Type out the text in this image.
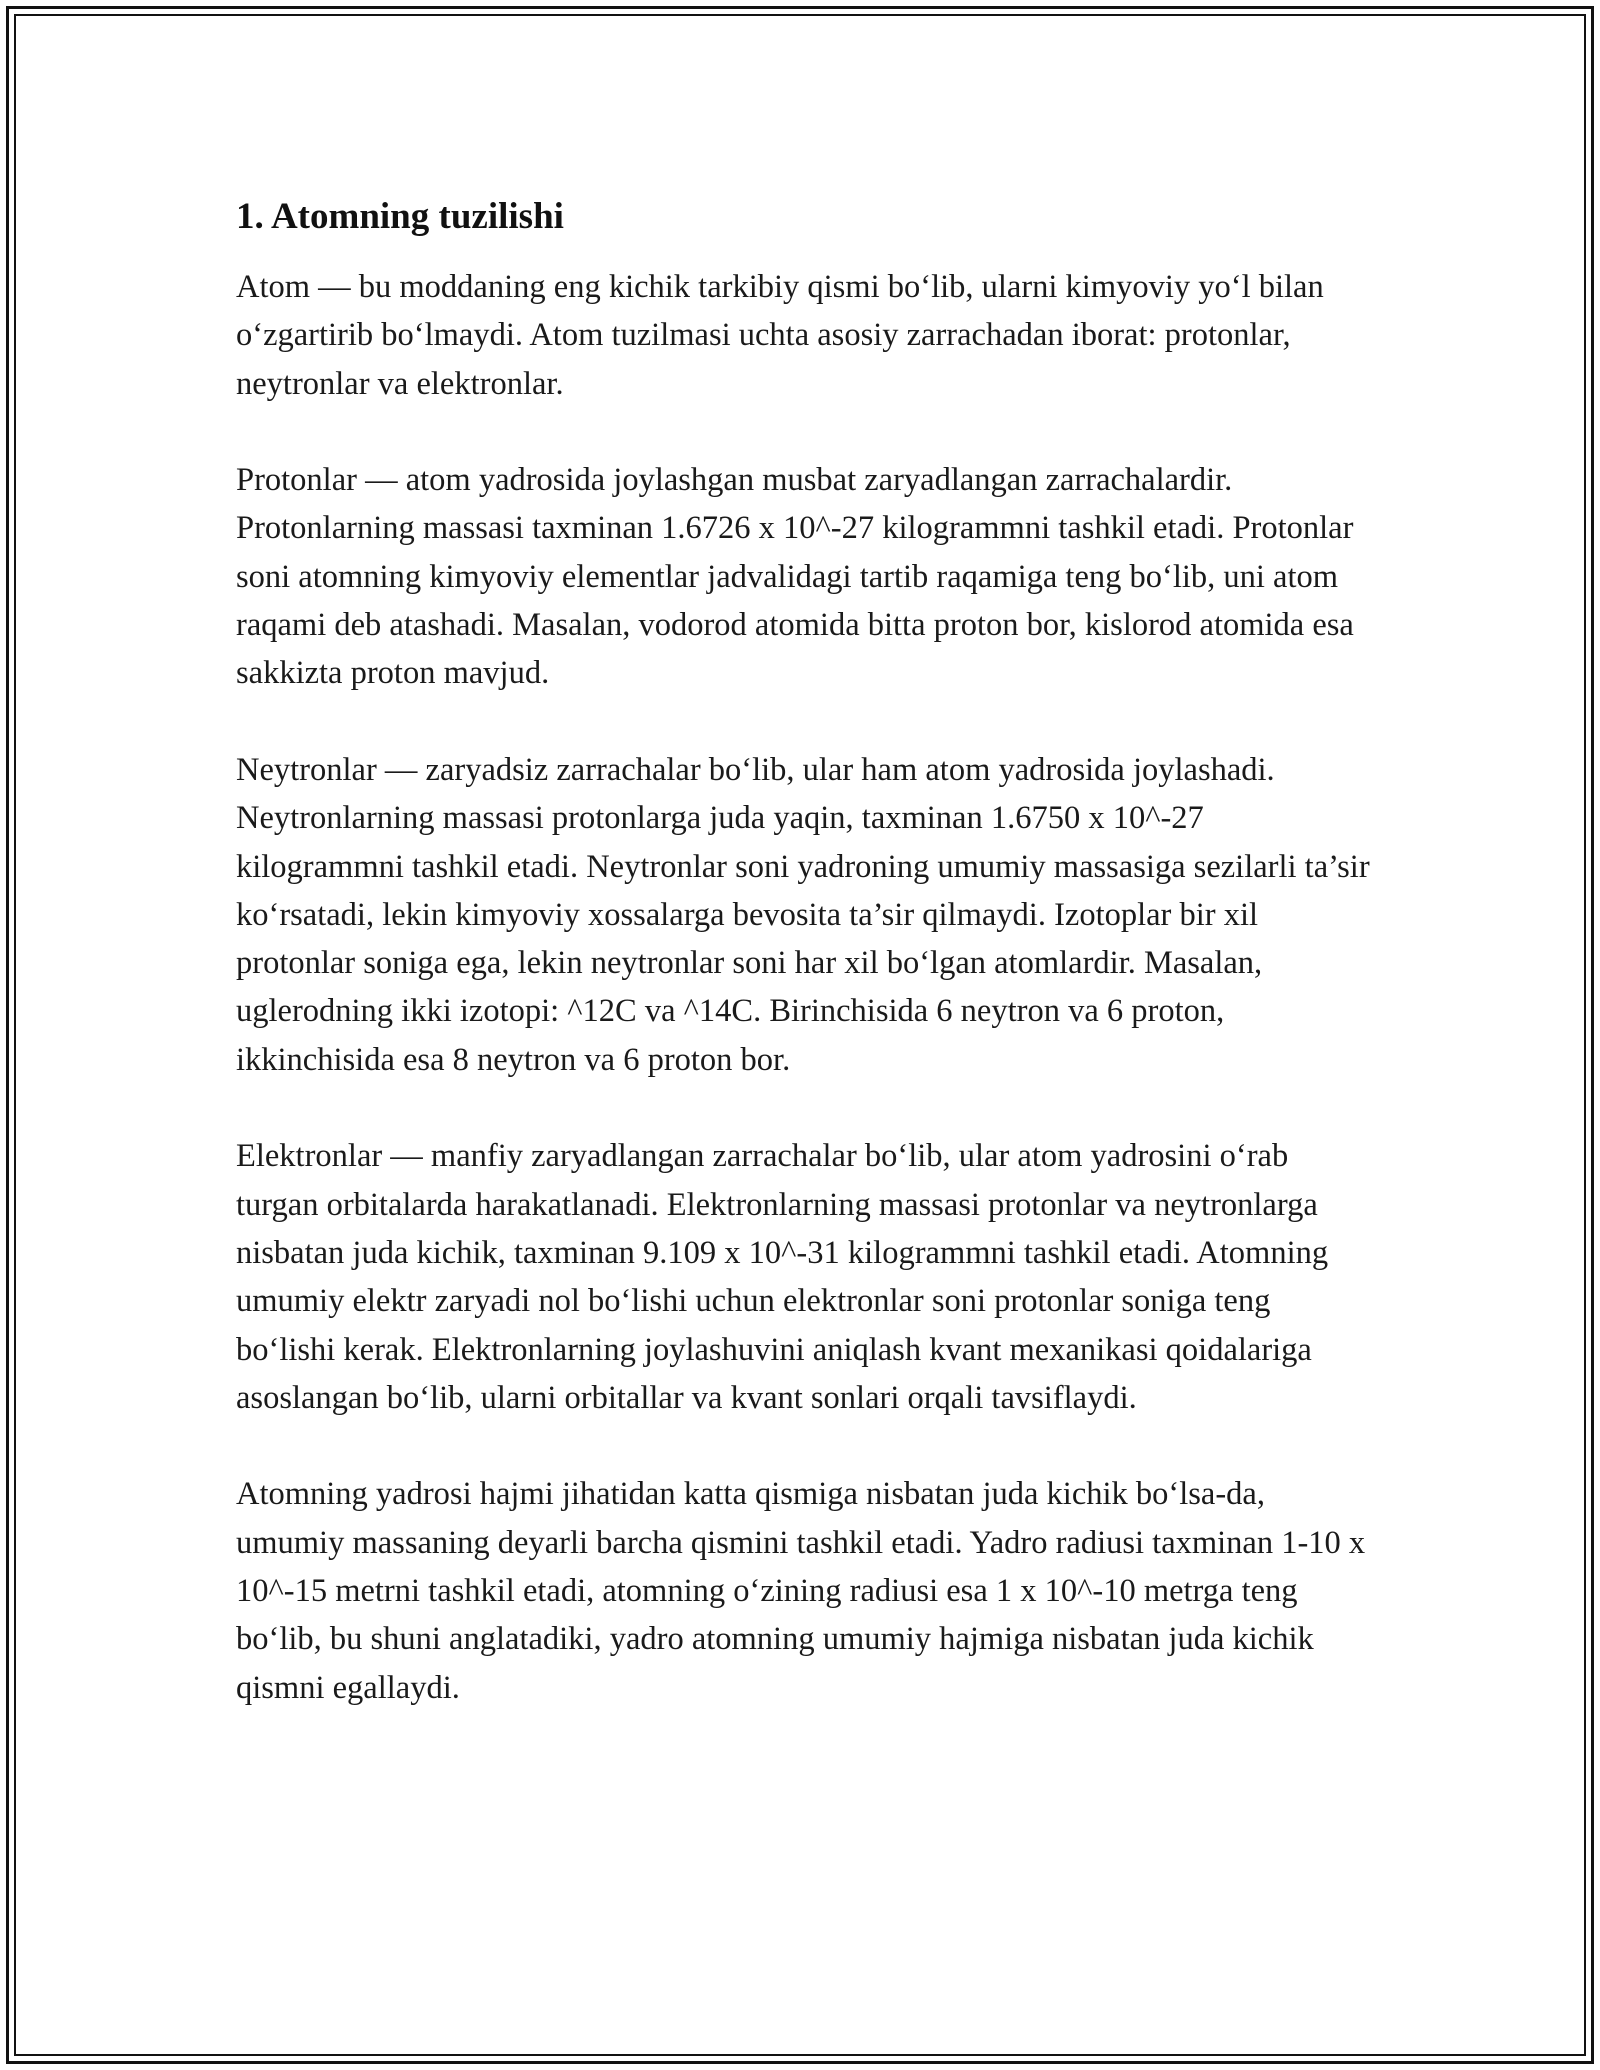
1. Atomning tuzilishi

Atom — bu moddaning eng kichik tarkibiy qismi bo‘lib, ularni kimyoviy yo‘l bilan o‘zgartirib bo‘lmaydi. Atom tuzilmasi uchta asosiy zarrachadan iborat: protonlar, neytronlar va elektronlar.

Protonlar — atom yadrosida joylashgan musbat zaryadlangan zarrachalardir. Protonlarning massasi taxminan 1.6726 x 10^-27 kilogrammni tashkil etadi. Protonlar soni atomning kimyoviy elementlar jadvalidagi tartib raqamiga teng bo‘lib, uni atom raqami deb atashadi. Masalan, vodorod atomida bitta proton bor, kislorod atomida esa sakkizta proton mavjud.

Neytronlar — zaryadsiz zarrachalar bo‘lib, ular ham atom yadrosida joylashadi. Neytronlarning massasi protonlarga juda yaqin, taxminan 1.6750 x 10^-27 kilogrammni tashkil etadi. Neytronlar soni yadroning umumiy massasiga sezilarli ta’sir ko‘rsatadi, lekin kimyoviy xossalarga bevosita ta’sir qilmaydi. Izotoplar bir xil protonlar soniga ega, lekin neytronlar soni har xil bo‘lgan atomlardir. Masalan, uglerodning ikki izotopi: ^12C va ^14C. Birinchisida 6 neytron va 6 proton, ikkinchisida esa 8 neytron va 6 proton bor.

Elektronlar — manfiy zaryadlangan zarrachalar bo‘lib, ular atom yadrosini o‘rab turgan orbitalarda harakatlanadi. Elektronlarning massasi protonlar va neytronlarga nisbatan juda kichik, taxminan 9.109 x 10^-31 kilogrammni tashkil etadi. Atomning umumiy elektr zaryadi nol bo‘lishi uchun elektronlar soni protonlar soniga teng bo‘lishi kerak. Elektronlarning joylashuvini aniqlash kvant mexanikasi qoidalariga asoslangan bo‘lib, ularni orbitallar va kvant sonlari orqali tavsiflaydi.

Atomning yadrosi hajmi jihatidan katta qismiga nisbatan juda kichik bo‘lsa-da, umumiy massaning deyarli barcha qismini tashkil etadi. Yadro radiusi taxminan 1-10 x 10^-15 metrni tashkil etadi, atomning o‘zining radiusi esa 1 x 10^-10 metrga teng bo‘lib, bu shuni anglatadiki, yadro atomning umumiy hajmiga nisbatan juda kichik qismni egallaydi.
